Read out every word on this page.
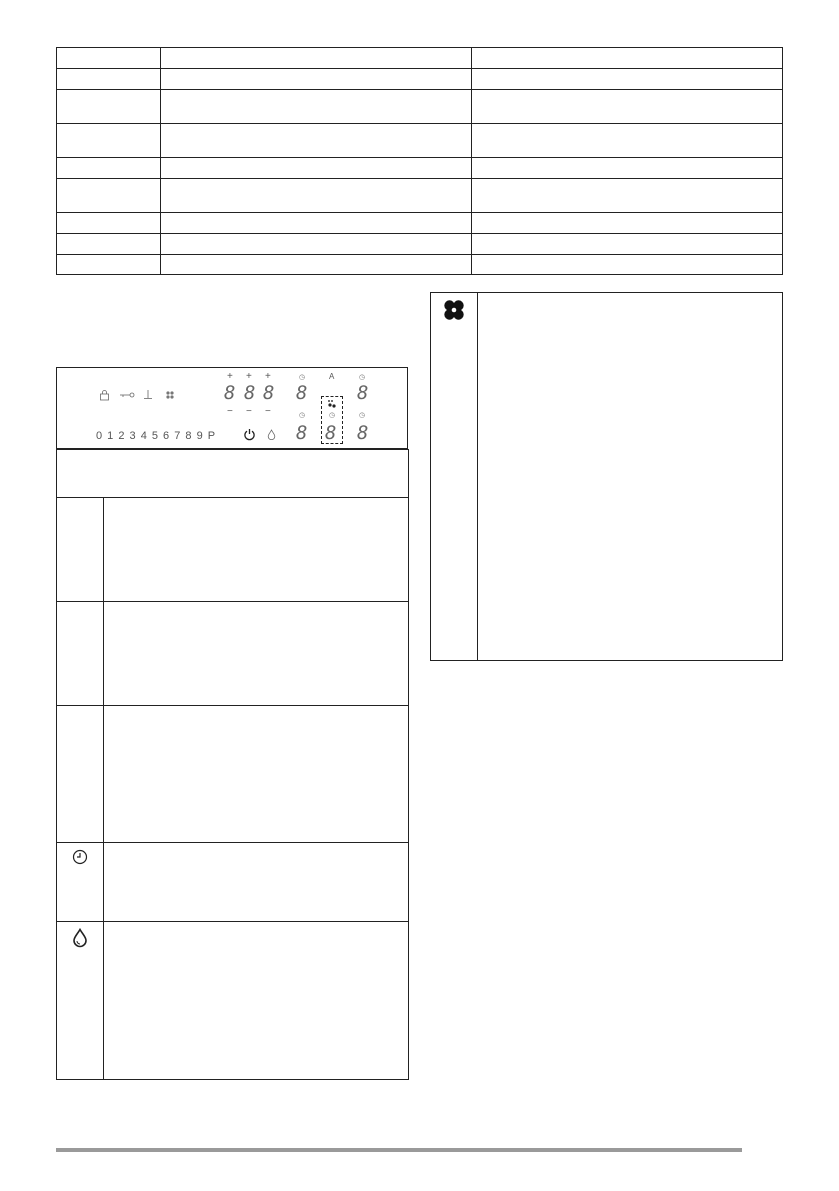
+ + +
8 8 8
− − −
◷	◷
◷	◷	◷
A
8	8
8 8 8
0 1 2 3 4 5 6 7 8 9 P
